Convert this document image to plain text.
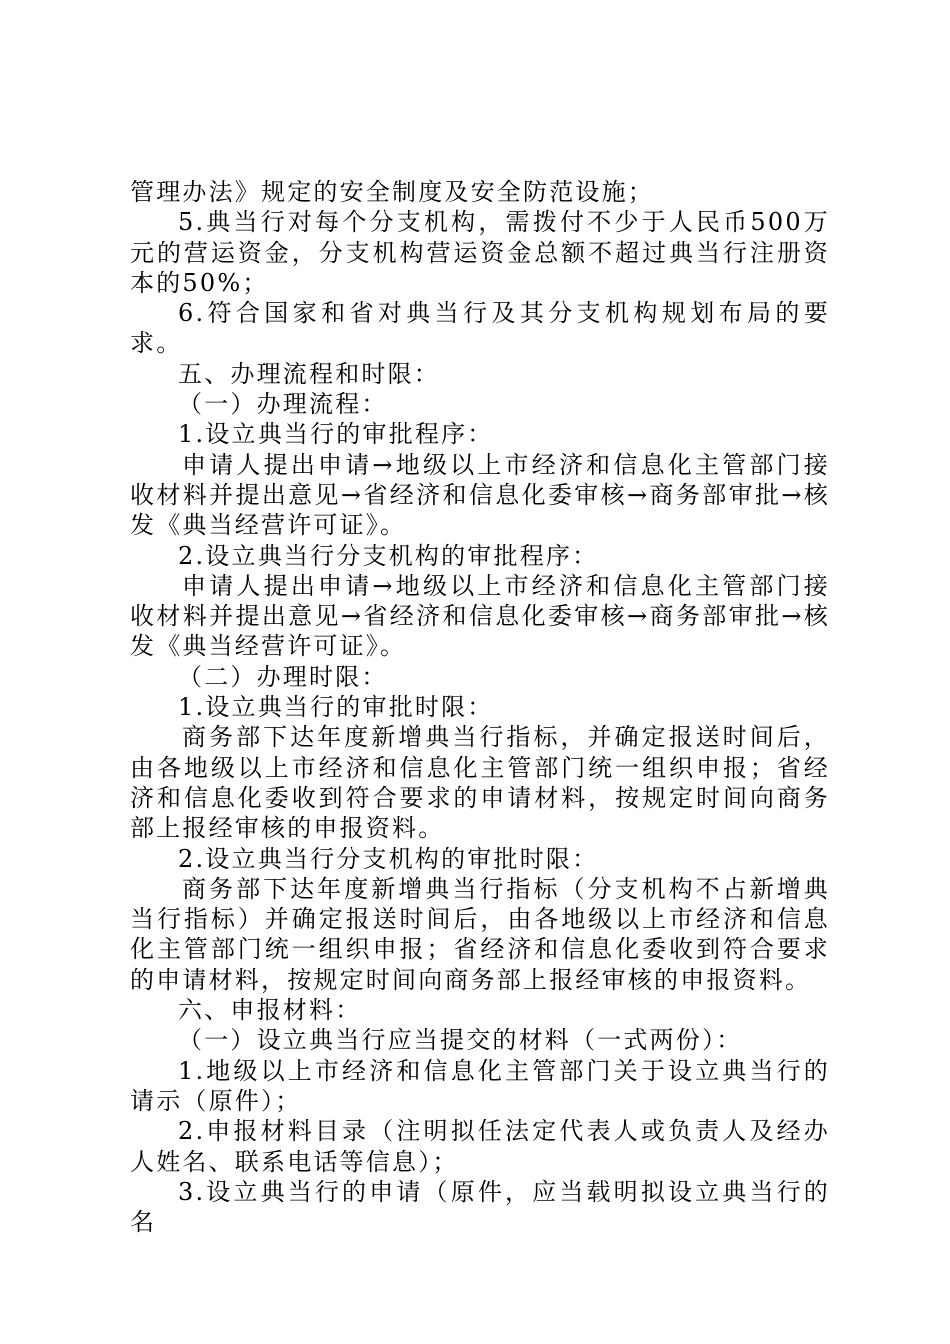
管理办法》规定的安全制度及安全防范设施；

5.典当行对每个分支机构，需拨付不少于人民币500万元的营运资金，分支机构营运资金总额不超过典当行注册资本的50%；

6.符合国家和省对典当行及其分支机构规划布局的要求。

五、办理流程和时限：

（一）办理流程：

1.设立典当行的审批程序：

申请人提出申请→地级以上市经济和信息化主管部门接收材料并提出意见→省经济和信息化委审核→商务部审批→核发《典当经营许可证》。

2.设立典当行分支机构的审批程序：

申请人提出申请→地级以上市经济和信息化主管部门接收材料并提出意见→省经济和信息化委审核→商务部审批→核发《典当经营许可证》。

（二）办理时限：

1.设立典当行的审批时限：

商务部下达年度新增典当行指标，并确定报送时间后，由各地级以上市经济和信息化主管部门统一组织申报；省经济和信息化委收到符合要求的申请材料，按规定时间向商务部上报经审核的申报资料。

2.设立典当行分支机构的审批时限：

商务部下达年度新增典当行指标（分支机构不占新增典当行指标）并确定报送时间后，由各地级以上市经济和信息化主管部门统一组织申报；省经济和信息化委收到符合要求的申请材料，按规定时间向商务部上报经审核的申报资料。

六、申报材料：

（一）设立典当行应当提交的材料（一式两份）：

1.地级以上市经济和信息化主管部门关于设立典当行的请示（原件）；

2.申报材料目录（注明拟任法定代表人或负责人及经办人姓名、联系电话等信息）；

3.设立典当行的申请（原件，应当载明拟设立典当行的名
